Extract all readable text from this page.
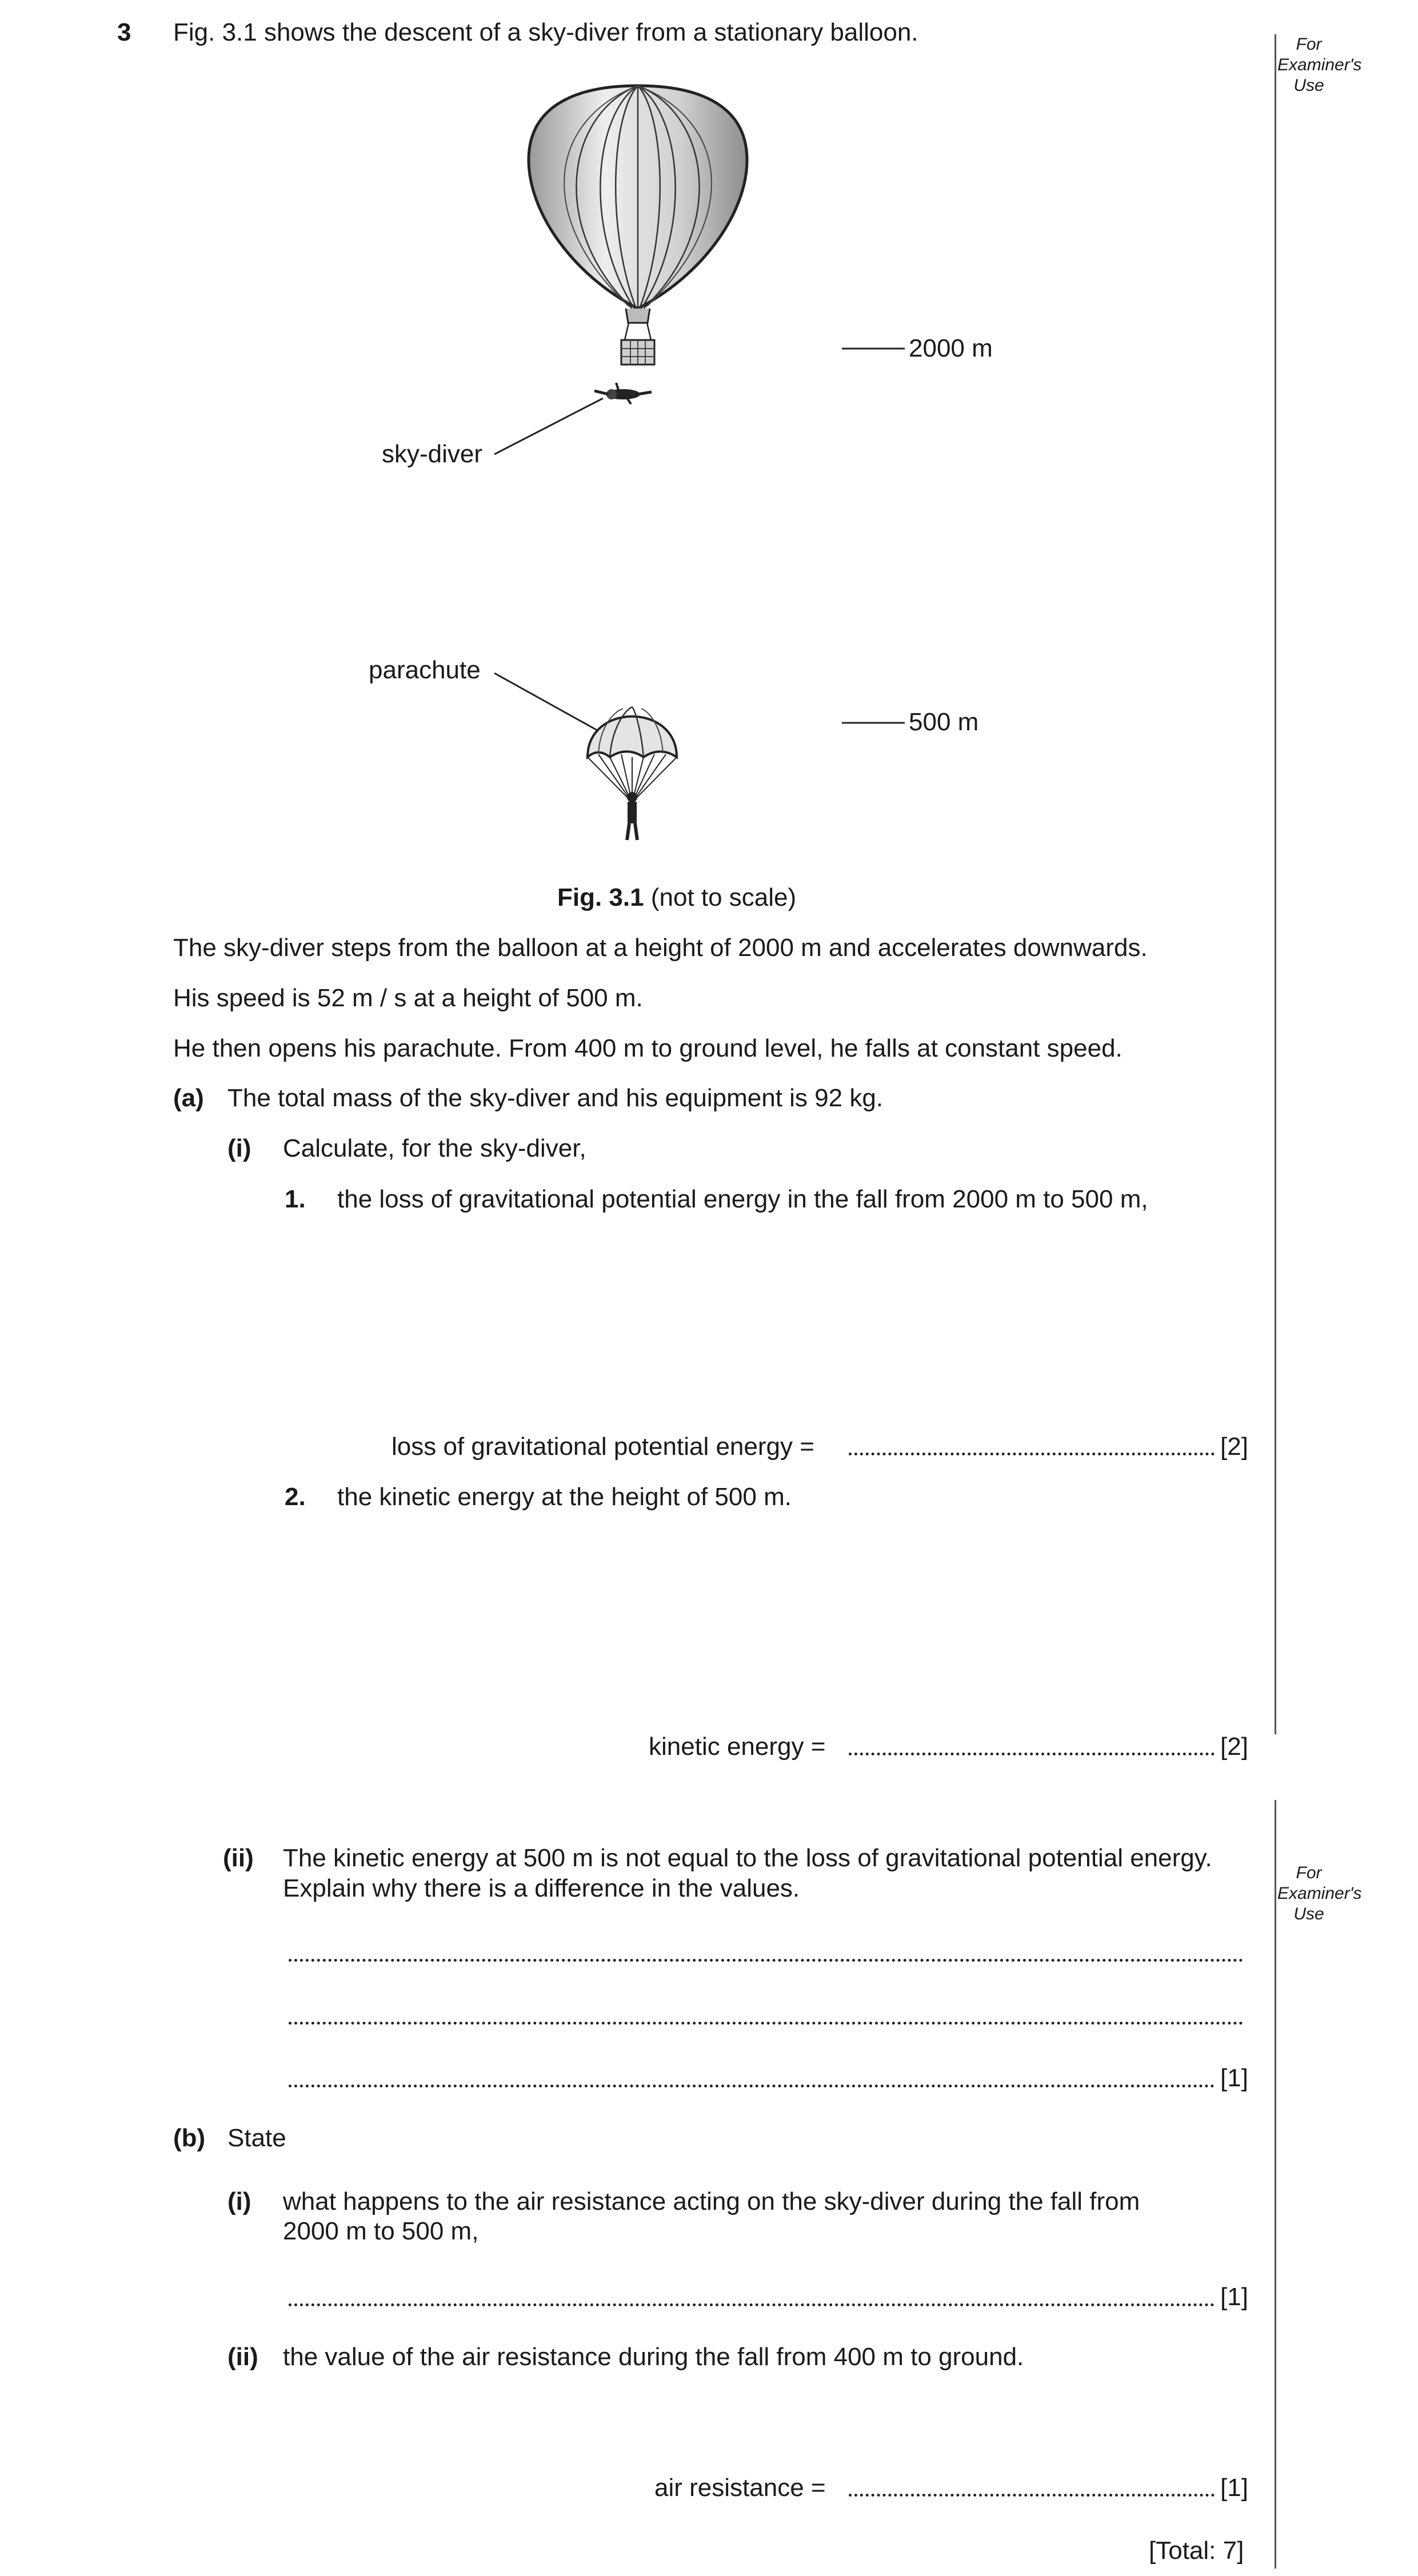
3 Fig. 3.1 shows the descent of a sky-diver from a stationary balloon.	For
Examiner's
Use
For
Examiner's
Use
2000 m
sky-diver
parachute
500 m
Fig. 3.1 (not to scale)
The sky-diver steps from the balloon at a height of 2000 m and accelerates downwards.
His speed is 52 m / s at a height of 500 m.
He then opens his parachute. From 400 m to ground level, he falls at constant speed.
(a) The total mass of the sky-diver and his equipment is 92 kg.
(i) Calculate, for the sky-diver,
1. the loss of gravitational potential energy in the fall from 2000 m to 500 m,
loss of gravitational potential energy =	[2]
2. the kinetic energy at the height of 500 m.
kinetic energy =	[2]
(ii) The kinetic energy at 500 m is not equal to the loss of gravitational potential energy.
Explain why there is a difference in the values.
[1]
(b) State
(i) what happens to the air resistance acting on the sky-diver during the fall from
2000 m to 500 m,
[1]
(ii) the value of the air resistance during the fall from 400 m to ground.
air resistance =	[1]
[Total: 7]
